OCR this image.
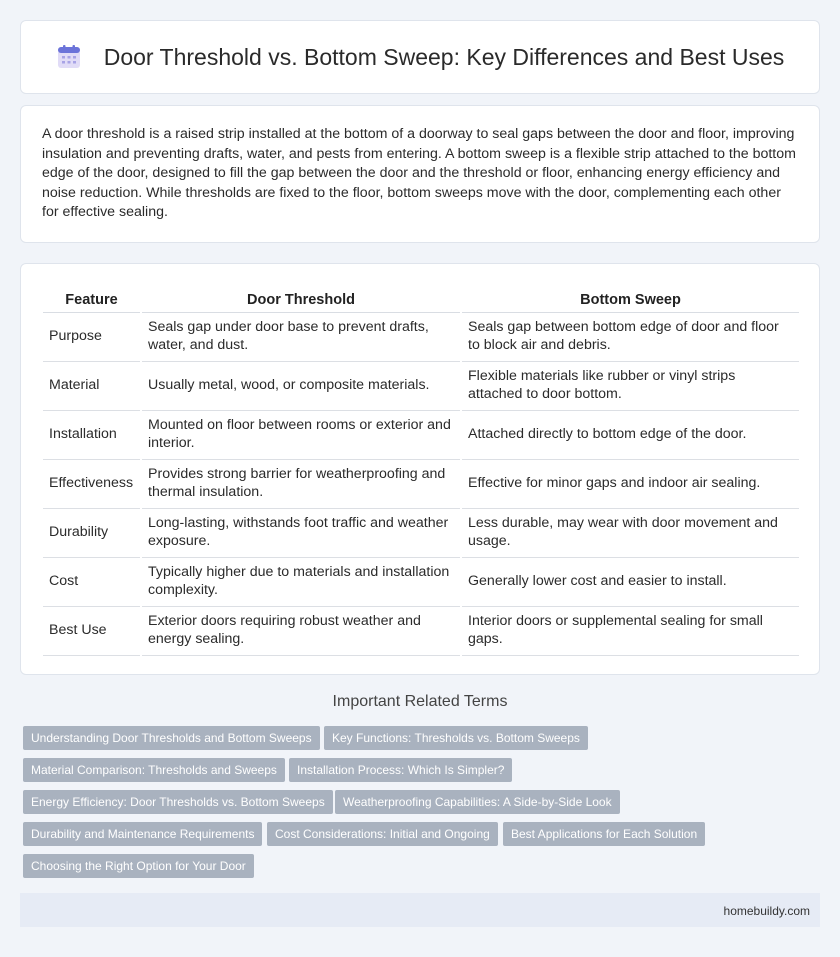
Door Threshold vs. Bottom Sweep: Key Differences and Best Uses

A door threshold is a raised strip installed at the bottom of a doorway to seal gaps between the door and floor, improving insulation and preventing drafts, water, and pests from entering. A bottom sweep is a flexible strip attached to the bottom edge of the door, designed to fill the gap between the door and the threshold or floor, enhancing energy efficiency and noise reduction. While thresholds are fixed to the floor, bottom sweeps move with the door, complementing each other for effective sealing.

Feature	Door Threshold	Bottom Sweep
Purpose	Seals gap under door base to prevent drafts, water, and dust.	Seals gap between bottom edge of door and floor to block air and debris.
Material	Usually metal, wood, or composite materials.	Flexible materials like rubber or vinyl strips attached to door bottom.
Installation	Mounted on floor between rooms or exterior and interior.	Attached directly to bottom edge of the door.
Effectiveness	Provides strong barrier for weatherproofing and thermal insulation.	Effective for minor gaps and indoor air sealing.
Durability	Long-lasting, withstands foot traffic and weather exposure.	Less durable, may wear with door movement and usage.
Cost	Typically higher due to materials and installation complexity.	Generally lower cost and easier to install.
Best Use	Exterior doors requiring robust weather and energy sealing.	Interior doors or supplemental sealing for small gaps.
Important Related Terms
Understanding Door Thresholds and Bottom Sweeps	Key Functions: Thresholds vs. Bottom Sweeps
Material Comparison: Thresholds and Sweeps	Installation Process: Which Is Simpler?
Energy Efficiency: Door Thresholds vs. Bottom Sweeps	Weatherproofing Capabilities: A Side-by-Side Look
Durability and Maintenance Requirements	Cost Considerations: Initial and Ongoing	Best Applications for Each Solution
Choosing the Right Option for Your Door
homebuildy.com
